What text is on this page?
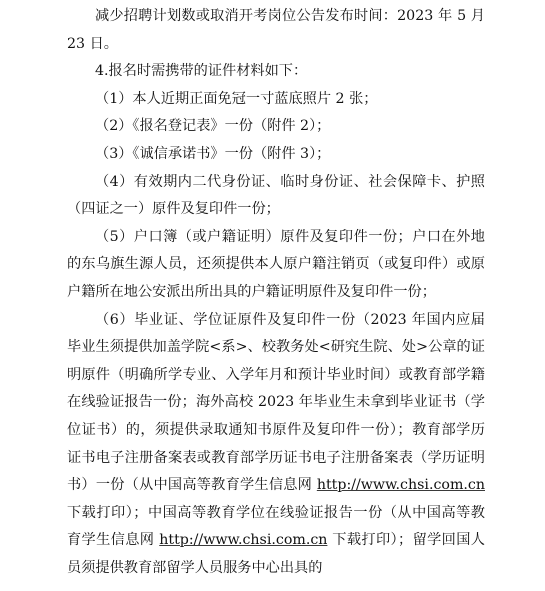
减少招聘计划数或取消开考岗位公告发布时间：2023 年 5 月 23 日。

4.报名时需携带的证件材料如下：

（1）本人近期正面免冠一寸蓝底照片 2 张；

（2）《报名登记表》一份（附件 2）；

（3）《诚信承诺书》一份（附件 3）；

（4）有效期内二代身份证、临时身份证、社会保障卡、护照（四证之一）原件及复印件一份；

（5）户口簿（或户籍证明）原件及复印件一份；户口在外地的东乌旗生源人员，还须提供本人原户籍注销页（或复印件）或原户籍所在地公安派出所出具的户籍证明原件及复印件一份；

（6）毕业证、学位证原件及复印件一份（2023 年国内应届毕业生须提供加盖学院<系>、校教务处<研究生院、处>公章的证明原件（明确所学专业、入学年月和预计毕业时间）或教育部学籍在线验证报告一份；海外高校 2023 年毕业生未拿到毕业证书（学位证书）的，须提供录取通知书原件及复印件一份）；教育部学历证书电子注册备案表或教育部学历证书电子注册备案表（学历证明书）一份（从中国高等教育学生信息网 http://www.chsi.com.cn 下载打印）；中国高等教育学位在线验证报告一份（从中国高等教育学生信息网 http://www.chsi.com.cn 下载打印）；留学回国人员须提供教育部留学人员服务中心出具的
